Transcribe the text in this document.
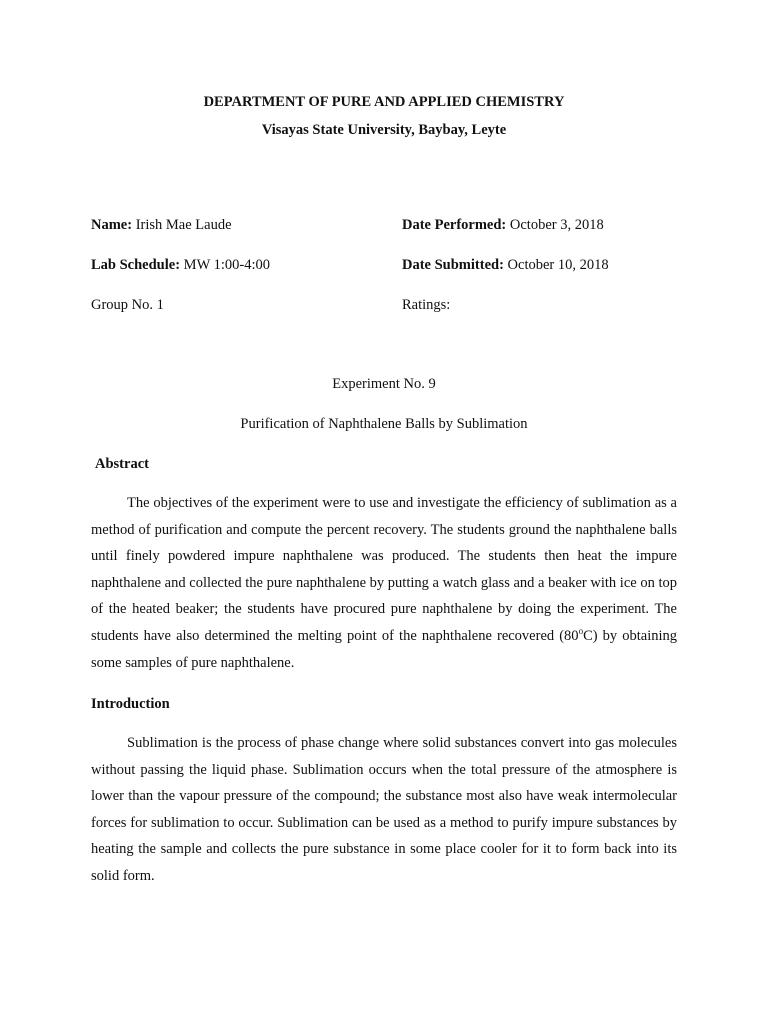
DEPARTMENT OF PURE AND APPLIED CHEMISTRY
Visayas State University, Baybay, Leyte
Name: Irish Mae Laude	Date Performed: October 3, 2018
Lab Schedule: MW 1:00-4:00	Date Submitted: October 10, 2018
Group No. 1	Ratings:
Experiment No. 9
Purification of Naphthalene Balls by Sublimation
Abstract

The objectives of the experiment were to use and investigate the efficiency of sublimation as a method of purification and compute the percent recovery. The students ground the naphthalene balls until finely powdered impure naphthalene was produced. The students then heat the impure naphthalene and collected the pure naphthalene by putting a watch glass and a beaker with ice on top of the heated beaker; the students have procured pure naphthalene by doing the experiment. The students have also determined the melting point of the naphthalene recovered (80$^o$C) by obtaining some samples of pure naphthalene.

Introduction

Sublimation is the process of phase change where solid substances convert into gas molecules without passing the liquid phase. Sublimation occurs when the total pressure of the atmosphere is lower than the vapour pressure of the compound; the substance most also have weak intermolecular forces for sublimation to occur. Sublimation can be used as a method to purify impure substances by heating the sample and collects the pure substance in some place cooler for it to form back into its solid form.
